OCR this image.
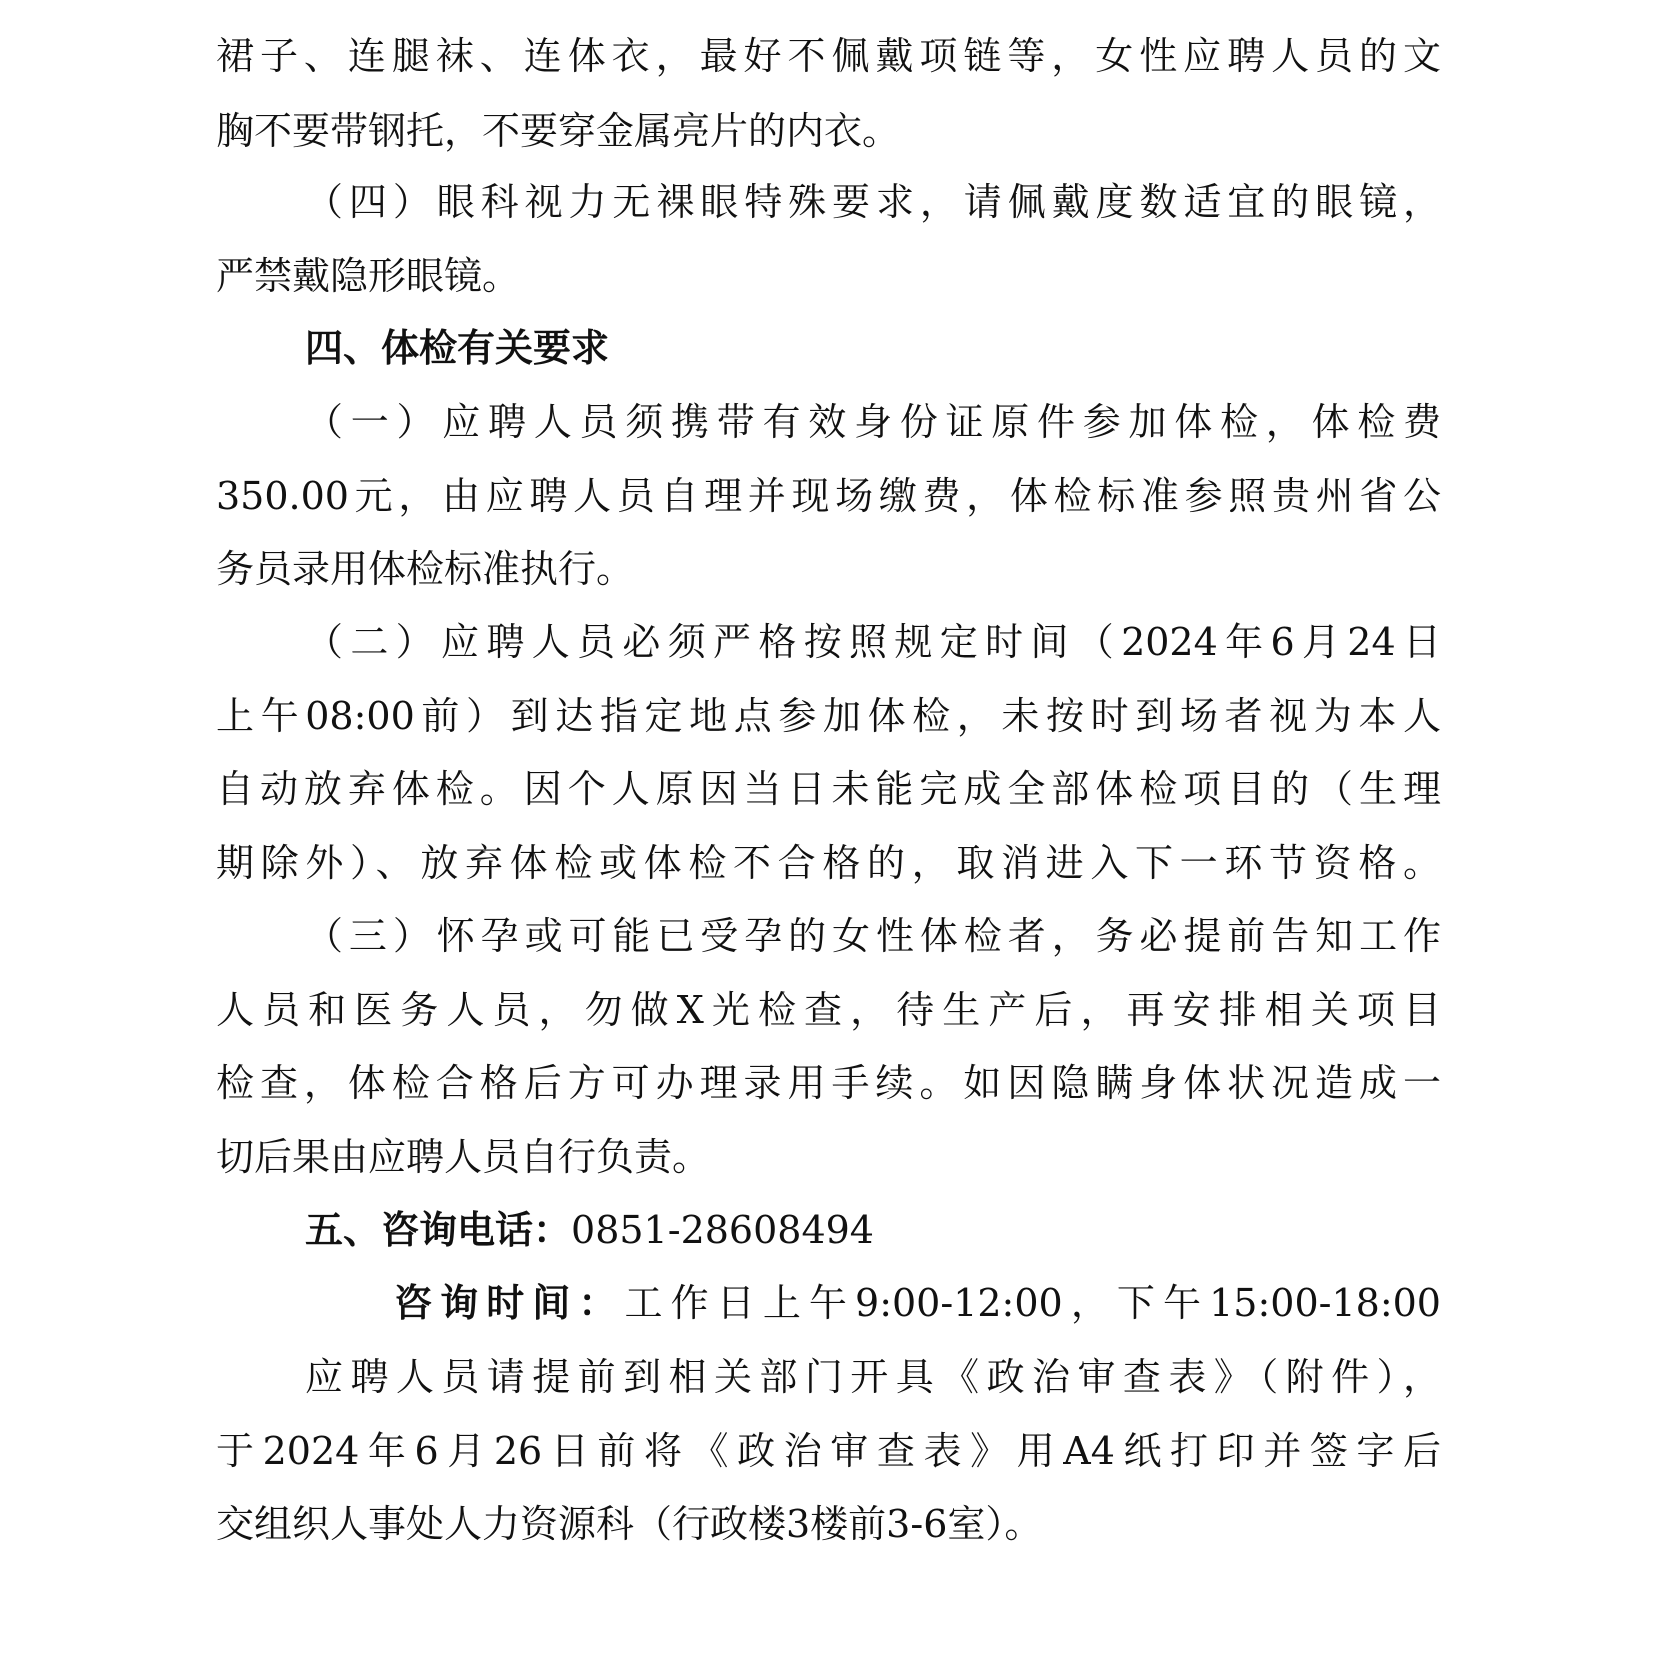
裙子、连腿袜、连体衣，最好不佩戴项链等，女性应聘人员的文
胸不要带钢托，不要穿金属亮片的内衣。
（四）眼科视力无裸眼特殊要求，请佩戴度数适宜的眼镜，
严禁戴隐形眼镜。
四、体检有关要求
（一）应聘人员须携带有效身份证原件参加体检，体检费
350.00元，由应聘人员自理并现场缴费，体检标准参照贵州省公
务员录用体检标准执行。
（二）应聘人员必须严格按照规定时间（2024年6月24日
上午08:00前）到达指定地点参加体检，未按时到场者视为本人
自动放弃体检。因个人原因当日未能完成全部体检项目的（生理
期除外）、放弃体检或体检不合格的，取消进入下一环节资格。
（三）怀孕或可能已受孕的女性体检者，务必提前告知工作
人员和医务人员，勿做X光检查，待生产后，再安排相关项目
检查，体检合格后方可办理录用手续。如因隐瞒身体状况造成一
切后果由应聘人员自行负责。
五、咨询电话：0851-28608494
咨询时间：工作日上午9:00-12:00，下午15:00-18:00
应聘人员请提前到相关部门开具《政治审查表》（附件），
于2024年6月26日前将《政治审查表》用A4纸打印并签字后
交组织人事处人力资源科（行政楼3楼前3-6室）。
